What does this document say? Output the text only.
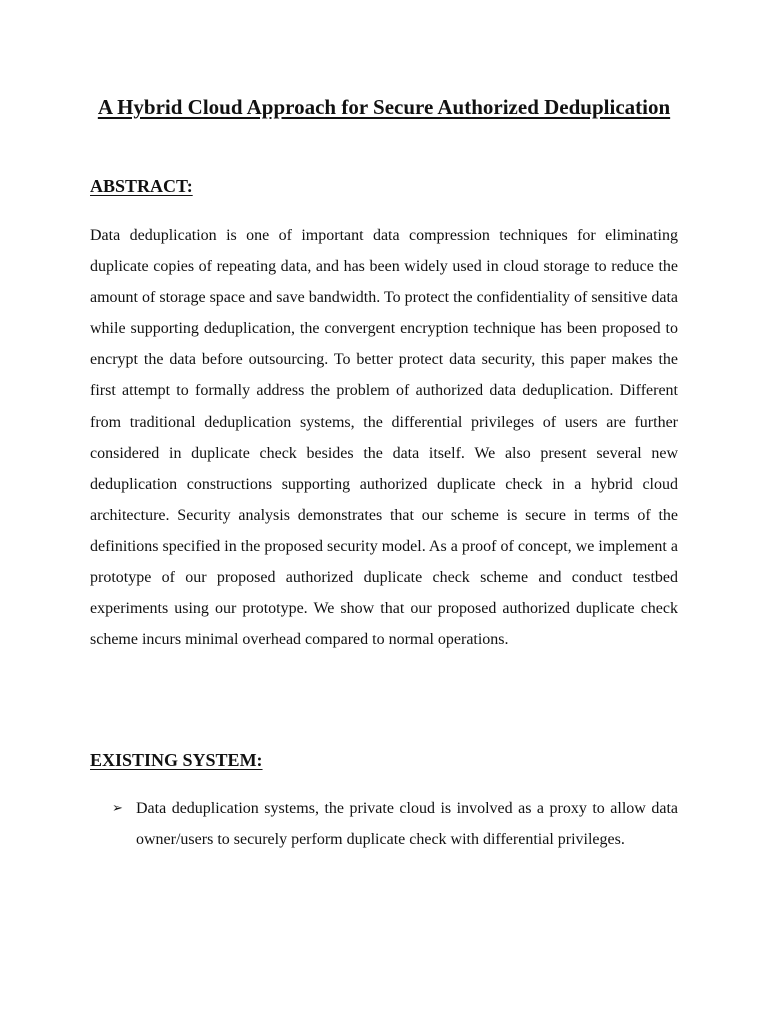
A Hybrid Cloud Approach for Secure Authorized Deduplication
ABSTRACT:

Data deduplication is one of important data compression techniques for eliminating duplicate copies of repeating data, and has been widely used in cloud storage to reduce the amount of storage space and save bandwidth. To protect the confidentiality of sensitive data while supporting deduplication, the convergent encryption technique has been proposed to encrypt the data before outsourcing. To better protect data security, this paper makes the first attempt to formally address the problem of authorized data deduplication. Different from traditional deduplication systems, the differential privileges of users are further considered in duplicate check besides the data itself. We also present several new deduplication constructions supporting authorized duplicate check in a hybrid cloud architecture. Security analysis demonstrates that our scheme is secure in terms of the definitions specified in the proposed security model. As a proof of concept, we implement a prototype of our proposed authorized duplicate check scheme and conduct testbed experiments using our prototype. We show that our proposed authorized duplicate check scheme incurs minimal overhead compared to normal operations.

EXISTING SYSTEM:
➢ Data deduplication systems, the private cloud is involved as a proxy to allow data owner/users to securely perform duplicate check with differential privileges.
